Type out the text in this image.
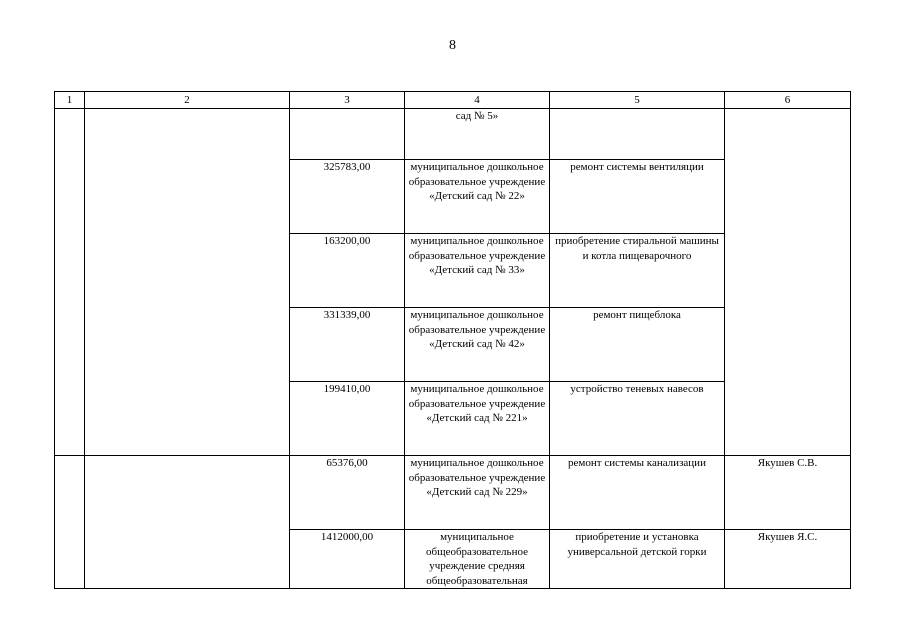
8
1	2	3	4	5	6
			сад № 5»		
		325783,00	муниципальное дошкольное образовательное учреждение «Детский сад № 22»	ремонт системы вентиляции	
		163200,00	муниципальное дошкольное образовательное учреждение «Детский сад № 33»	приобретение стиральной машины и котла пищеварочного	
		331339,00	муниципальное дошкольное образовательное учреждение «Детский сад № 42»	ремонт пищеблока	
		199410,00	муниципальное дошкольное образовательное учреждение «Детский сад № 221»	устройство теневых навесов	
		65376,00	муниципальное дошкольное образовательное учреждение «Детский сад № 229»	ремонт системы канализации	Якушев С.В.
		1412000,00	муниципальное общеобразовательное учреждение средняя общеобразовательная	приобретение и установка универсальной детской горки	Якушев Я.С.
